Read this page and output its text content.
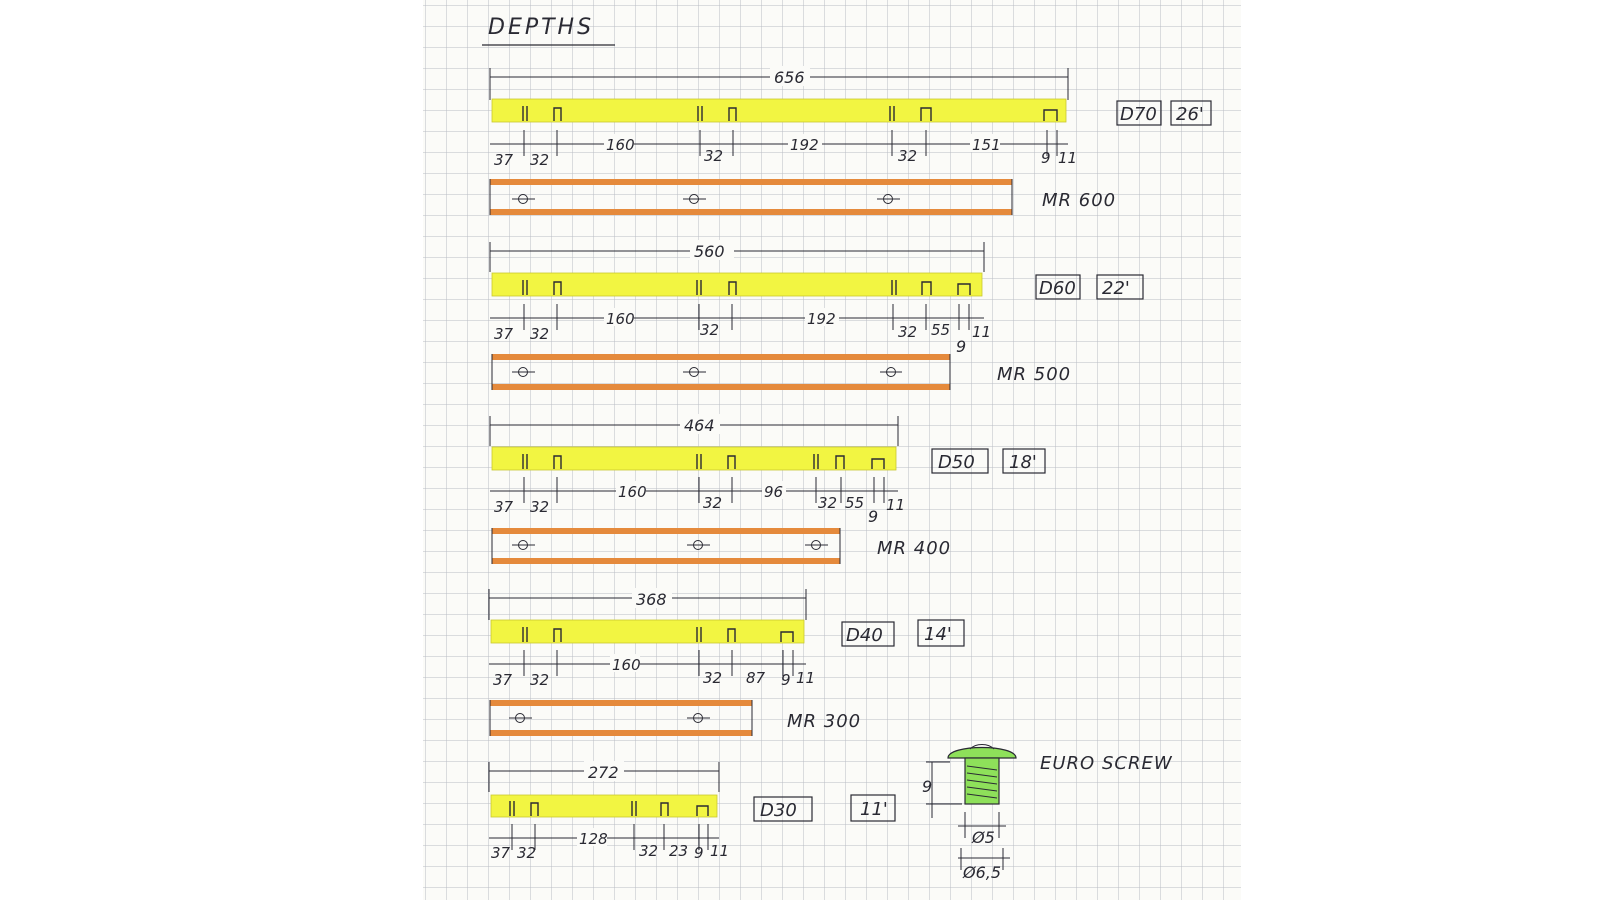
DEPTHS
656
37 32
160
32
192
32
151
9 11
D70 26'
MR 600
560
37 32
160
32
192
32 55
9
11
D60 22'
MR 500
464
37 32
160
32
96
32 55
9
11
D50 18'
MR 400
368
37 32
160
32 87 9 11
D40 14'
MR 300
272
37 32
128
32 23 9 11
D30	11'
9
Ø5
Ø6,5
EURO SCREW
